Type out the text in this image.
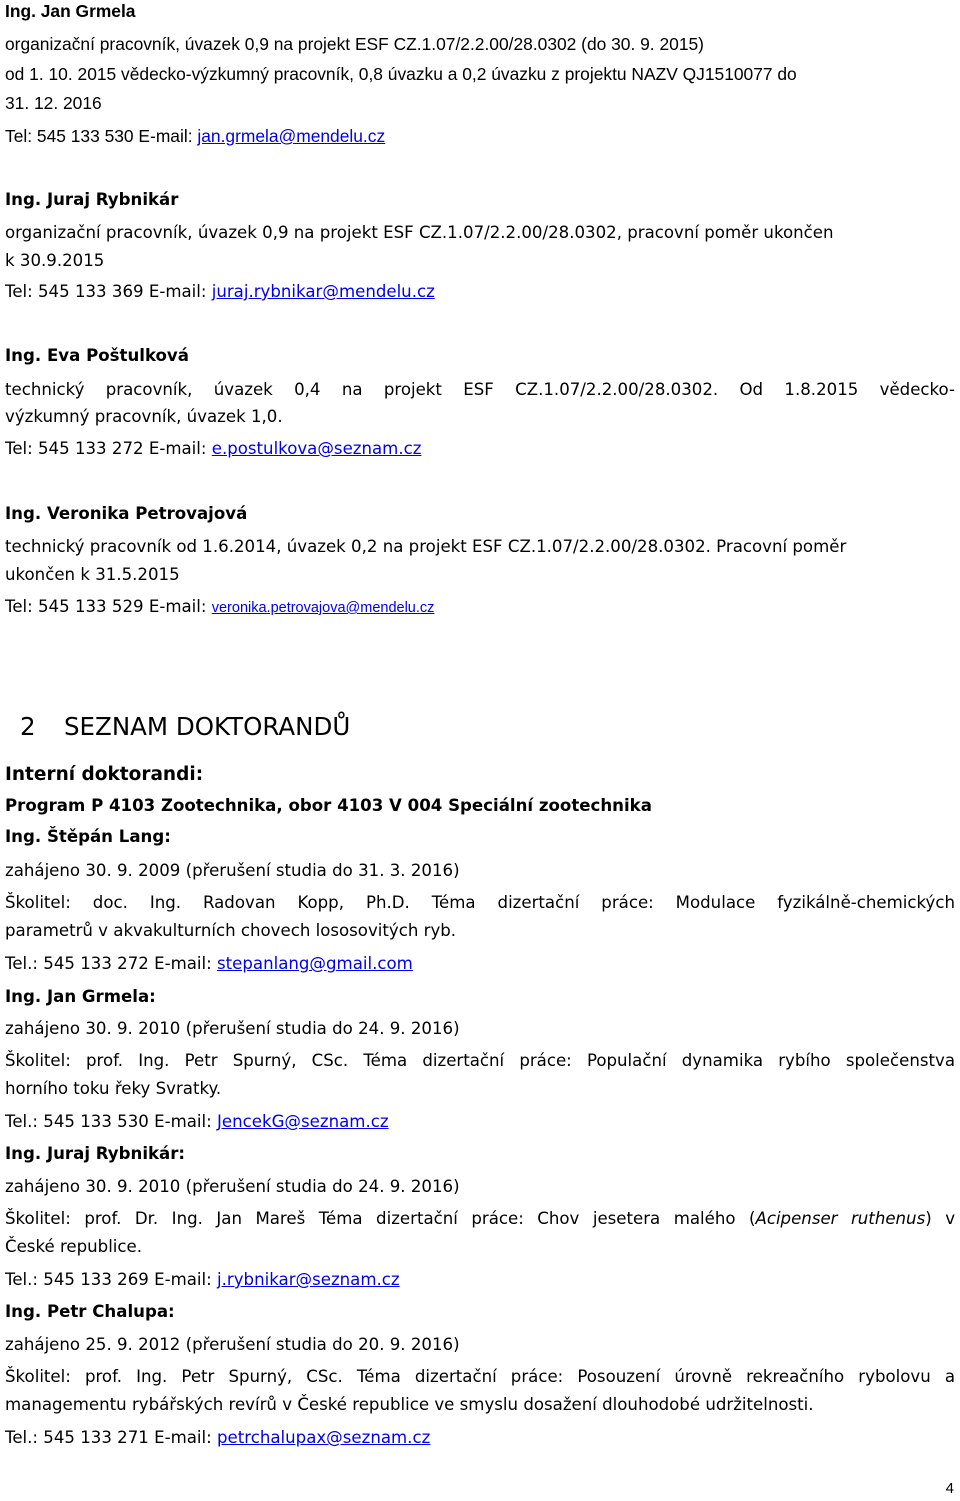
Ing. Jan Grmela
organizační pracovník, úvazek 0,9 na projekt ESF CZ.1.07/2.2.00/28.0302 (do 30. 9. 2015)
od 1. 10. 2015 vědecko-výzkumný pracovník, 0,8 úvazku a 0,2 úvazku z projektu NAZV QJ1510077 do
31. 12. 2016
Tel: 545 133 530 E-mail: jan.grmela@mendelu.cz
Ing. Juraj Rybnikár
organizační pracovník, úvazek 0,9 na projekt ESF CZ.1.07/2.2.00/28.0302, pracovní poměr ukončen
k 30.9.2015
Tel: 545 133 369 E-mail: juraj.rybnikar@mendelu.cz
Ing. Eva Poštulková
technický pracovník, úvazek 0,4 na projekt ESF CZ.1.07/2.2.00/28.0302. Od 1.8.2015 vědecko-
výzkumný pracovník, úvazek 1,0.
Tel: 545 133 272 E-mail: e.postulkova@seznam.cz
Ing. Veronika Petrovajová
technický pracovník od 1.6.2014, úvazek 0,2 na projekt ESF CZ.1.07/2.2.00/28.0302. Pracovní poměr
ukončen k 31.5.2015
Tel: 545 133 529 E-mail: veronika.petrovajova@mendelu.cz
2 SEZNAM DOKTORANDŮ
Interní doktorandi:
Program P 4103 Zootechnika, obor 4103 V 004 Speciální zootechnika
Ing. Štěpán Lang:
zahájeno 30. 9. 2009 (přerušení studia do 31. 3. 2016)
Školitel: doc. Ing. Radovan Kopp, Ph.D. Téma dizertační práce: Modulace fyzikálně-chemických
parametrů v akvakulturních chovech lososovitých ryb.
Tel.: 545 133 272 E-mail: stepanlang@gmail.com
Ing. Jan Grmela:
zahájeno 30. 9. 2010 (přerušení studia do 24. 9. 2016)
Školitel: prof. Ing. Petr Spurný, CSc. Téma dizertační práce: Populační dynamika rybího společenstva
horního toku řeky Svratky.
Tel.: 545 133 530 E-mail: JencekG@seznam.cz
Ing. Juraj Rybnikár:
zahájeno 30. 9. 2010 (přerušení studia do 24. 9. 2016)
Školitel: prof. Dr. Ing. Jan Mareš Téma dizertační práce: Chov jesetera malého (Acipenser ruthenus) v
České republice.
Tel.: 545 133 269 E-mail: j.rybnikar@seznam.cz
Ing. Petr Chalupa:
zahájeno 25. 9. 2012 (přerušení studia do 20. 9. 2016)
Školitel: prof. Ing. Petr Spurný, CSc. Téma dizertační práce: Posouzení úrovně rekreačního rybolovu a
managementu rybářských revírů v České republice ve smyslu dosažení dlouhodobé udržitelnosti.
Tel.: 545 133 271 E-mail: petrchalupax@seznam.cz
4
